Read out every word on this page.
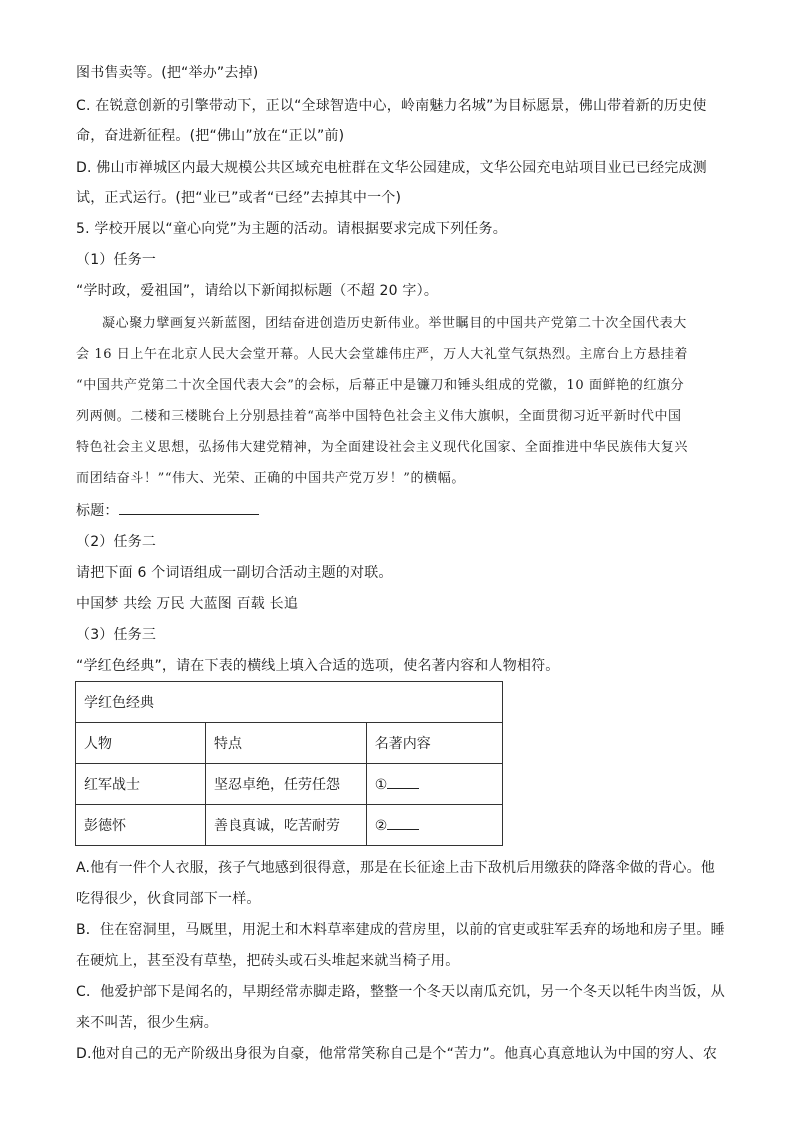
图书售卖等。(把“举办”去掉)
C. 在锐意创新的引擎带动下，正以“全球智造中心，岭南魅力名城”为目标愿景，佛山带着新的历史使
命，奋进新征程。(把“佛山”放在“正以”前)
D. 佛山市禅城区内最大规模公共区域充电桩群在文华公园建成，文华公园充电站项目业已已经完成测
试，正式运行。(把“业已”或者“已经”去掉其中一个)
5. 学校开展以“童心向党”为主题的活动。请根据要求完成下列任务。
（1）任务一
“学时政，爱祖国”，请给以下新闻拟标题（不超 20 字）。
凝心聚力擘画复兴新蓝图，团结奋进创造历史新伟业。举世瞩目的中国共产党第二十次全国代表大
会 16 日上午在北京人民大会堂开幕。人民大会堂雄伟庄严，万人大礼堂气氛热烈。主席台上方悬挂着
“中国共产党第二十次全国代表大会”的会标，后幕正中是镰刀和锤头组成的党徽，10 面鲜艳的红旗分
列两侧。二楼和三楼眺台上分别悬挂着“高举中国特色社会主义伟大旗帜，全面贯彻习近平新时代中国
特色社会主义思想，弘扬伟大建党精神，为全面建设社会主义现代化国家、全面推进中华民族伟大复兴
而团结奋斗！”“伟大、光荣、正确的中国共产党万岁！”的横幅。
标题：
（2）任务二
请把下面 6 个词语组成一副切合活动主题的对联。
中国梦 共绘 万民 大蓝图 百载 长追
（3）任务三
“学红色经典”，请在下表的横线上填入合适的选项，使名著内容和人物相符。
学红色经典		
人物	特点	名著内容
红军战士	坚忍卓绝，任劳任怨	①
彭德怀	善良真诚，吃苦耐劳	②
A.他有一件个人衣服，孩子气地感到很得意，那是在长征途上击下敌机后用缴获的降落伞做的背心。他
吃得很少，伙食同部下一样。
B．住在窑洞里，马厩里，用泥土和木料草率建成的营房里，以前的官吏或驻军丢弃的场地和房子里。睡
在硬炕上，甚至没有草垫，把砖头或石头堆起来就当椅子用。
C．他爱护部下是闻名的，早期经常赤脚走路，整整一个冬天以南瓜充饥，另一个冬天以牦牛肉当饭，从
来不叫苦，很少生病。
D.他对自己的无产阶级出身很为自豪，他常常笑称自己是个“苦力”。他真心真意地认为中国的穷人、农
